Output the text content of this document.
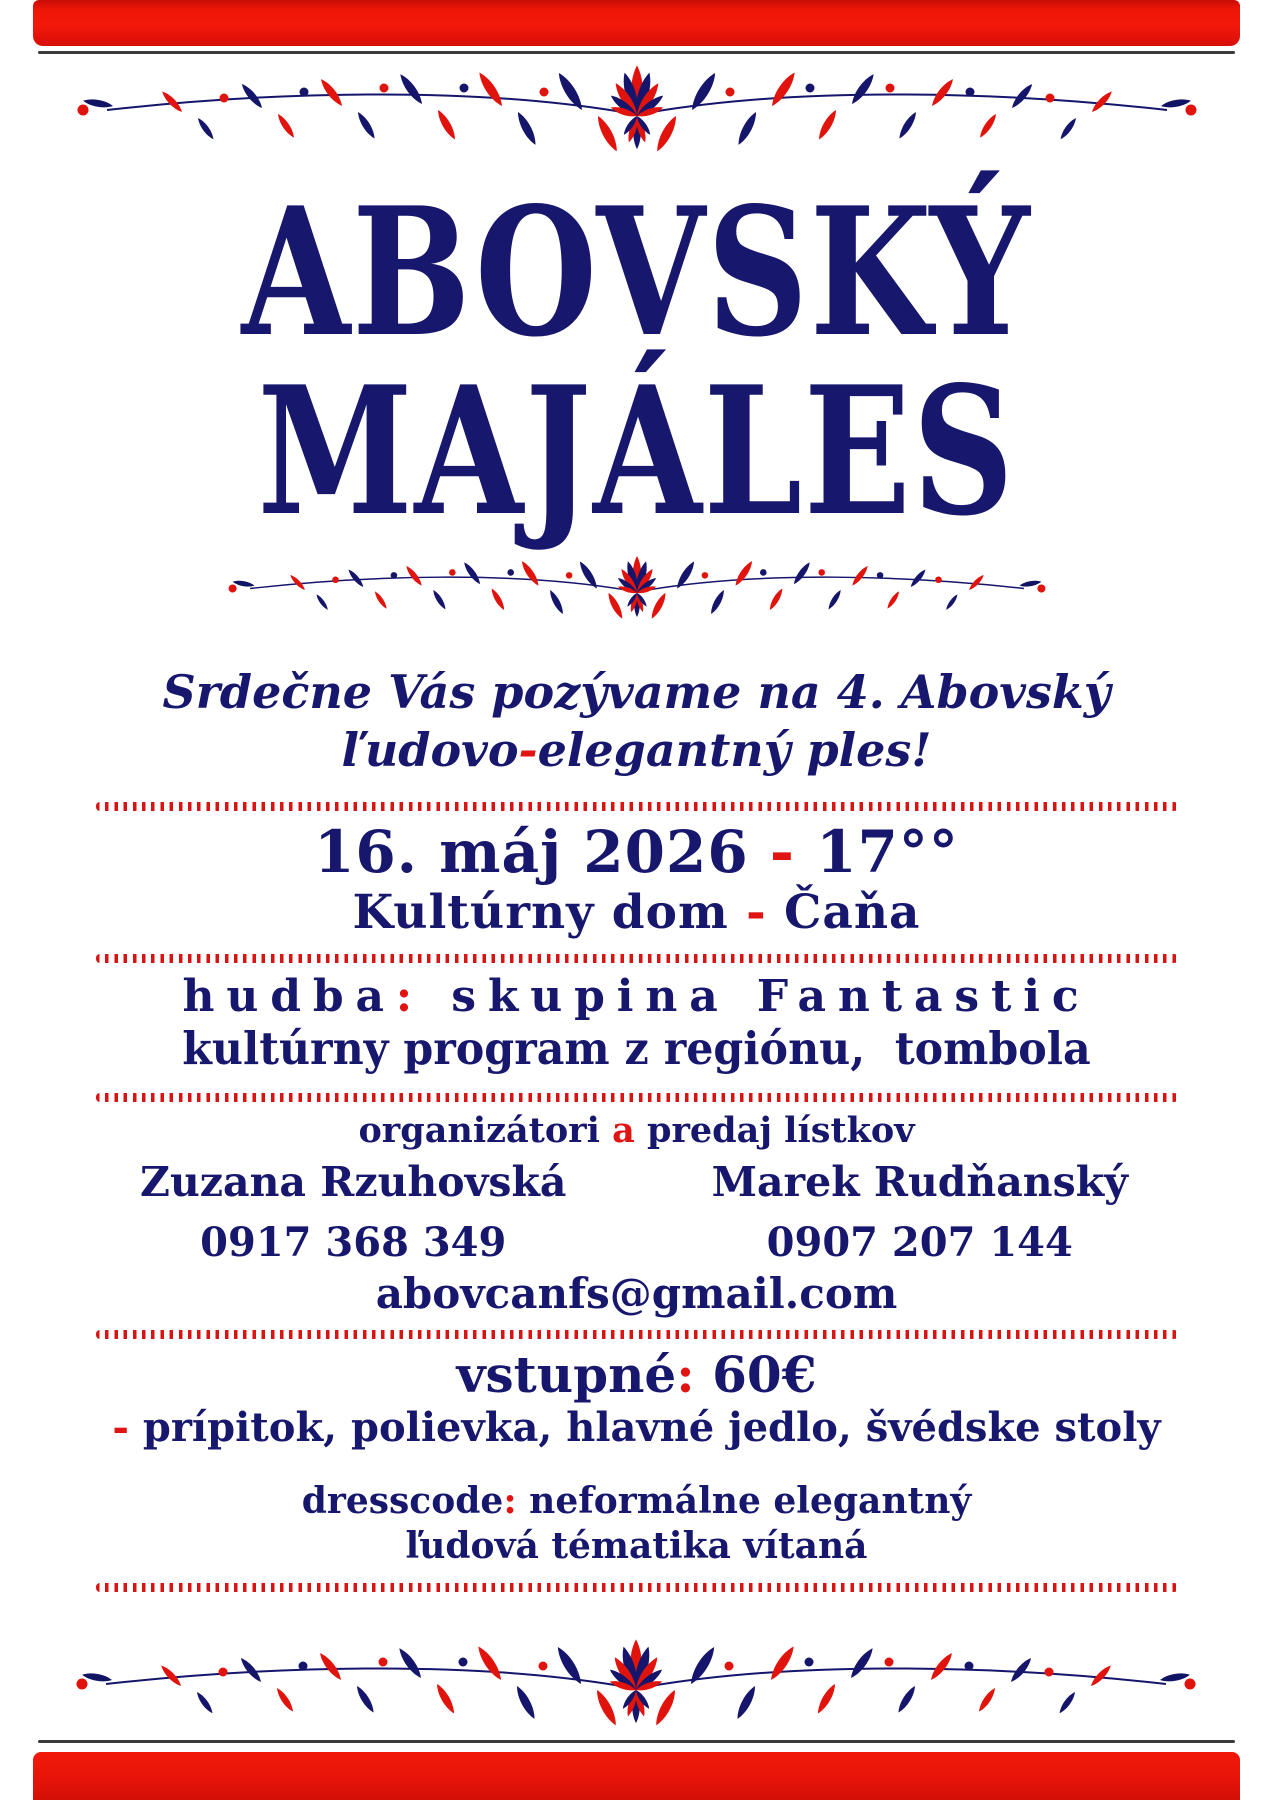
ABOVSKÝ
MAJÁLES
Srdečne Vás pozývame na 4. Abovský
ľudovo-elegantný ples!
16. máj 2026 - 17°°
Kultúrny dom - Čaňa
hudba: skupina Fantastic
kultúrny program z regiónu,  tombola
organizátori a predaj lístkov
Zuzana Rzuhovská	Marek Rudňanský
0917 368 349	0907 207 144
abovcanfs@gmail.com
vstupné: 60€
- prípitok, polievka, hlavné jedlo, švédske stoly
dresscode: neformálne elegantný
ľudová tématika vítaná
